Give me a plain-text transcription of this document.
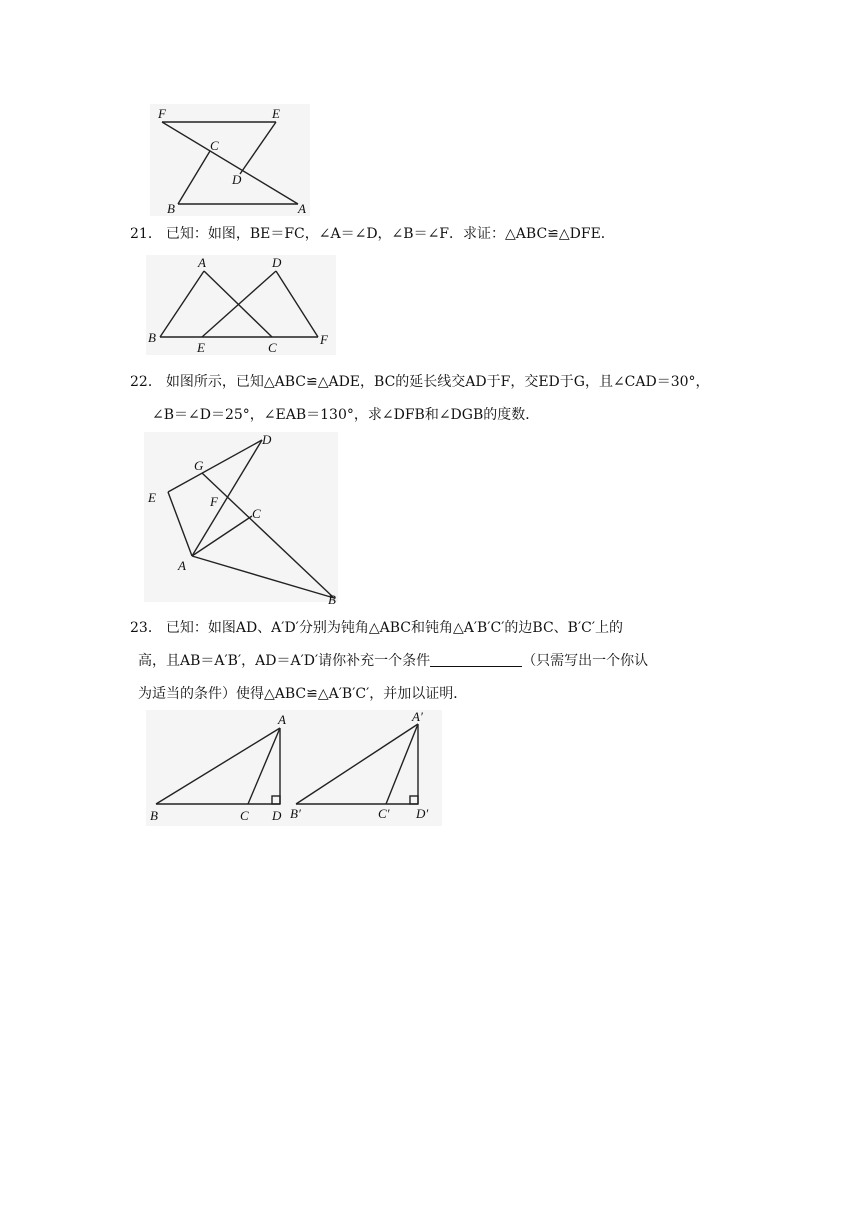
F	E
C
D
B	A
21． 已知：如图，BE＝FC，∠A＝∠D，∠B＝∠F．求证：△ABC≌△DFE．
A	D
B
E	C
F
22． 如图所示，已知△ABC≌△ADE，BC的延长线交AD于F，交ED于G，且∠CAD＝30°，
∠B＝∠D＝25°，∠EAB＝130°，求∠DFB和∠DGB的度数．
D
G
E	F
C
A
B
23． 已知：如图AD、A′D′分别为钝角△ABC和钝角△A′B′C′的边BC、B′C′上的
高，且AB＝A′B′，AD＝A′D′请你补充一个条件	（只需写出一个你认
为适当的条件）使得△ABC≌△A′B′C′，并加以证明．
A
B	C D
A′
B′	C′ D′
